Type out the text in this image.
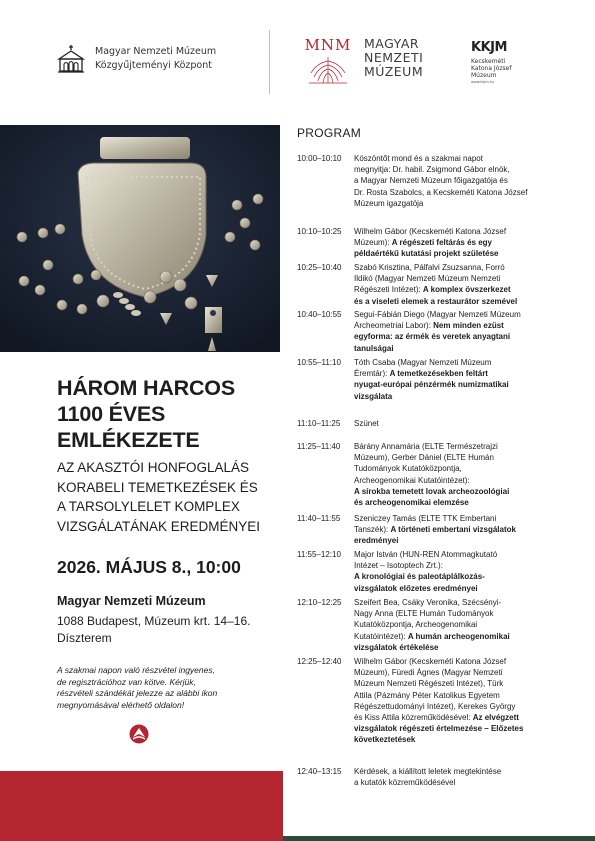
Magyar Nemzeti Múzeum
Közgyűjteményi Központ
MNM	MAGYAR
NEMZETI
MÚZEUM
KKJM
Kecskeméti
Katona József
Múzeum
www.kkjm.hu
HÁROM HARCOS
1100 ÉVES
EMLÉKEZETE
AZ AKASZTÓI HONFOGLALÁS
KORABELI TEMETKEZÉSEK ÉS
A TARSOLYLELET KOMPLEX
VIZSGÁLATÁNAK EREDMÉNYEI
2026. MÁJUS 8., 10:00
Magyar Nemzeti Múzeum
1088 Budapest, Múzeum krt. 14–16.
Díszterem
A szakmai napon való részvétel ingyenes,
de regisztrációhoz van kötve. Kérjük,
részvételi szándékát jelezze az alábbi ikon
megnyomásával elérhető oldalon!
PROGRAM
10:00–10:10	Köszöntőt mond és a szakmai napot
megnyitja: Dr. habil. Zsigmond Gábor elnök,
a Magyar Nemzeti Múzeum főigazgatója és
Dr. Rosta Szabolcs, a Kecskeméti Katona József
Múzeum igazgatója
10:10–10:25	Wilhelm Gábor (Kecskeméti Katona József
Múzeum): A régészeti feltárás és egy
példaértékű kutatási projekt születése
10:25–10:40	Szabó Krisztina, Pálfalvi Zsuzsanna, Forró
Ildikó (Magyar Nemzeti Múzeum Nemzeti
Régészeti Intézet): A komplex övszerkezet
és a viseleti elemek a restaurátor szemével
10:40–10:55	Segui-Fábián Diego (Magyar Nemzeti Múzeum
Archeometriai Labor): Nem minden ezüst
egyforma: az érmék és veretek anyagtani
tanulságai
10:55–11:10	Tóth Csaba (Magyar Nemzeti Múzeum
Éremtár): A temetkezésekben feltárt
nyugat-európai pénzérmék numizmatikai
vizsgálata
11:10–11:25	Szünet
11:25–11:40	Bárány Annamária (ELTE Természetrajzi
Múzeum), Gerber Dániel (ELTE Humán
Tudományok Kutatóközpontja,
Archeogenomikai Kutatóintézet):
A sírokba temetett lovak archeozoológiai
és archeogenomikai elemzése
11:40–11:55	Szeniczey Tamás (ELTE TTK Embertani
Tanszék): A történeti embertani vizsgálatok
eredményei
11:55–12:10	Major István (HUN-REN Atommagkutató
Intézet – Isotoptech Zrt.):
A kronológiai és paleotáplálkozás-
vizsgálatok előzetes eredményei
12:10–12:25	Szeifert Bea, Csáky Veronika, Szécsényi-
Nagy Anna (ELTE Humán Tudományok
Kutatóközpontja, Archeogenomikai
Kutatóintézet): A humán archeogenomikai
vizsgálatok értékelése
12:25–12:40	Wilhelm Gábor (Kecskeméti Katona József
Múzeum), Füredi Ágnes (Magyar Nemzeti
Múzeum Nemzeti Régészeti Intézet), Türk
Attila (Pázmány Péter Katolikus Egyetem
Régészettudományi Intézet), Kerekes György
és Kiss Attila közreműködésével: Az elvégzett
vizsgálatok régészeti értelmezése – Előzetes
következtetések
12:40–13:15	Kérdések, a kiállított leletek megtekintése
a kutatók közreműködésével
